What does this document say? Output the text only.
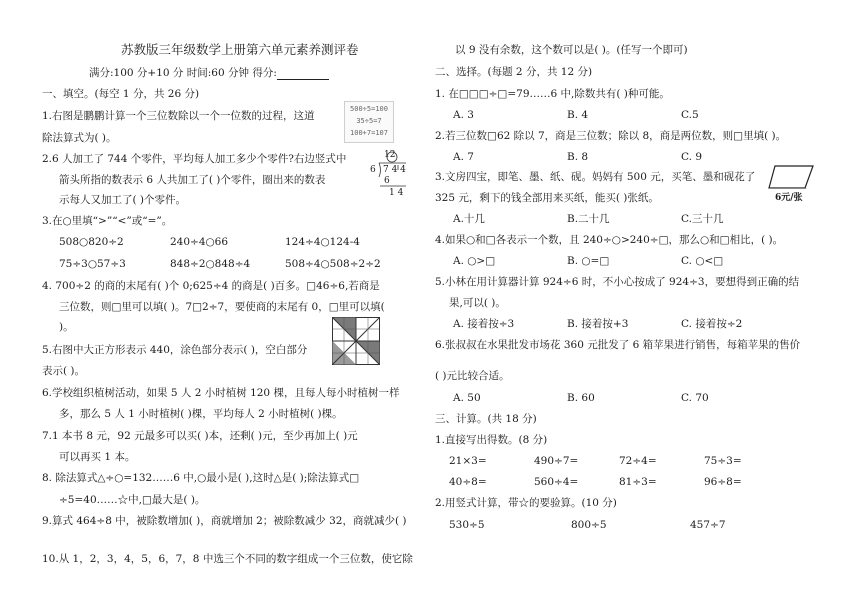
苏教版三年级数学上册第六单元素养测评卷
满分:100 分+10 分 时间:60 分钟 得分:
一、填空。(每空 1 分，共 26 分)
1.右图是鹏鹏计算一个三位数除以一个一位数的过程，这道
除法算式为( )。
2.6 人加工了 744 个零件，平均每人加工多少个零件?右边竖式中
箭头所指的数表示 6 人共加工了( )个零件，圈出来的数表
示每人又加工了( )个零件。
3.在○里填“>”“<”或“=”。
508○820÷2	240÷4○66	124÷4○124-4
75÷3○57÷3	848÷2○848÷4	508÷4○508÷2÷2
4. 700÷2 的商的末尾有( )个 0;625÷4 的商是( )百多。□46÷6,若商是
三位数，则□里可以填( )。7□2÷7，要使商的末尾有 0，□里可以填(
)。
5.右图中大正方形表示 440，涂色部分表示( )，空白部分
表示( )。
6.学校组织植树活动，如果 5 人 2 小时植树 120 棵，且每人每小时植树一样
多，那么 5 人 1 小时植树( )棵，平均每人 2 小时植树( )棵。
7.1 本书 8 元，92 元最多可以买( )本，还剩( )元，至少再加上( )元
可以再买 1 本。
8. 除法算式△÷○=132……6 中,○最小是( ),这时△是( );除法算式□
÷5=40……☆中,□最大是( )。
9.算式 464÷8 中，被除数增加( )，商就增加 2；被除数减少 32，商就减少( )
10.从 1，2，3，4，5，6，7，8 中选三个不同的数字组成一个三位数，使它除
500÷5=100
35÷5=7
100+7=107
12
6 7 4 4
6
1 4
以 9 没有余数，这个数可以是( )。(任写一个即可)
二、选择。(每题 2 分，共 12 分)
1. 在□□□÷□=79……6 中,除数共有( )种可能。
A. 3	B. 4	C.5
2.若三位数□62 除以 7，商是三位数；除以 8，商是两位数，则□里填( )。
A. 7	B. 8	C. 9
3.文房四宝，即笔、墨、纸、砚。妈妈有 500 元，买笔、墨和砚花了
325 元，剩下的钱全部用来买纸，能买( )张纸。
A.十几	B.二十几	C.三十几
6元/张
4.如果○和□各表示一个数，且 240÷○>240÷□，那么○和□相比，( )。
A. ○>□	B. ○=□	C. ○<□
5.小林在用计算器计算 924÷6 时，不小心按成了 924÷3，要想得到正确的结
果,可以( )。
A. 接着按÷3	B. 接着按+3	C. 接着按÷2
6.张叔叔在水果批发市场花 360 元批发了 6 箱苹果进行销售，每箱苹果的售价
( )元比较合适。
A. 50	B. 60	C. 70
三、计算。(共 18 分)
1.直接写出得数。(8 分)
21×3=	490÷7=	72÷4=	75÷3=
40÷8=	560÷4=	81÷3=	96÷8=
2.用竖式计算，带☆的要验算。(10 分)
530÷5	800÷5	457÷7
